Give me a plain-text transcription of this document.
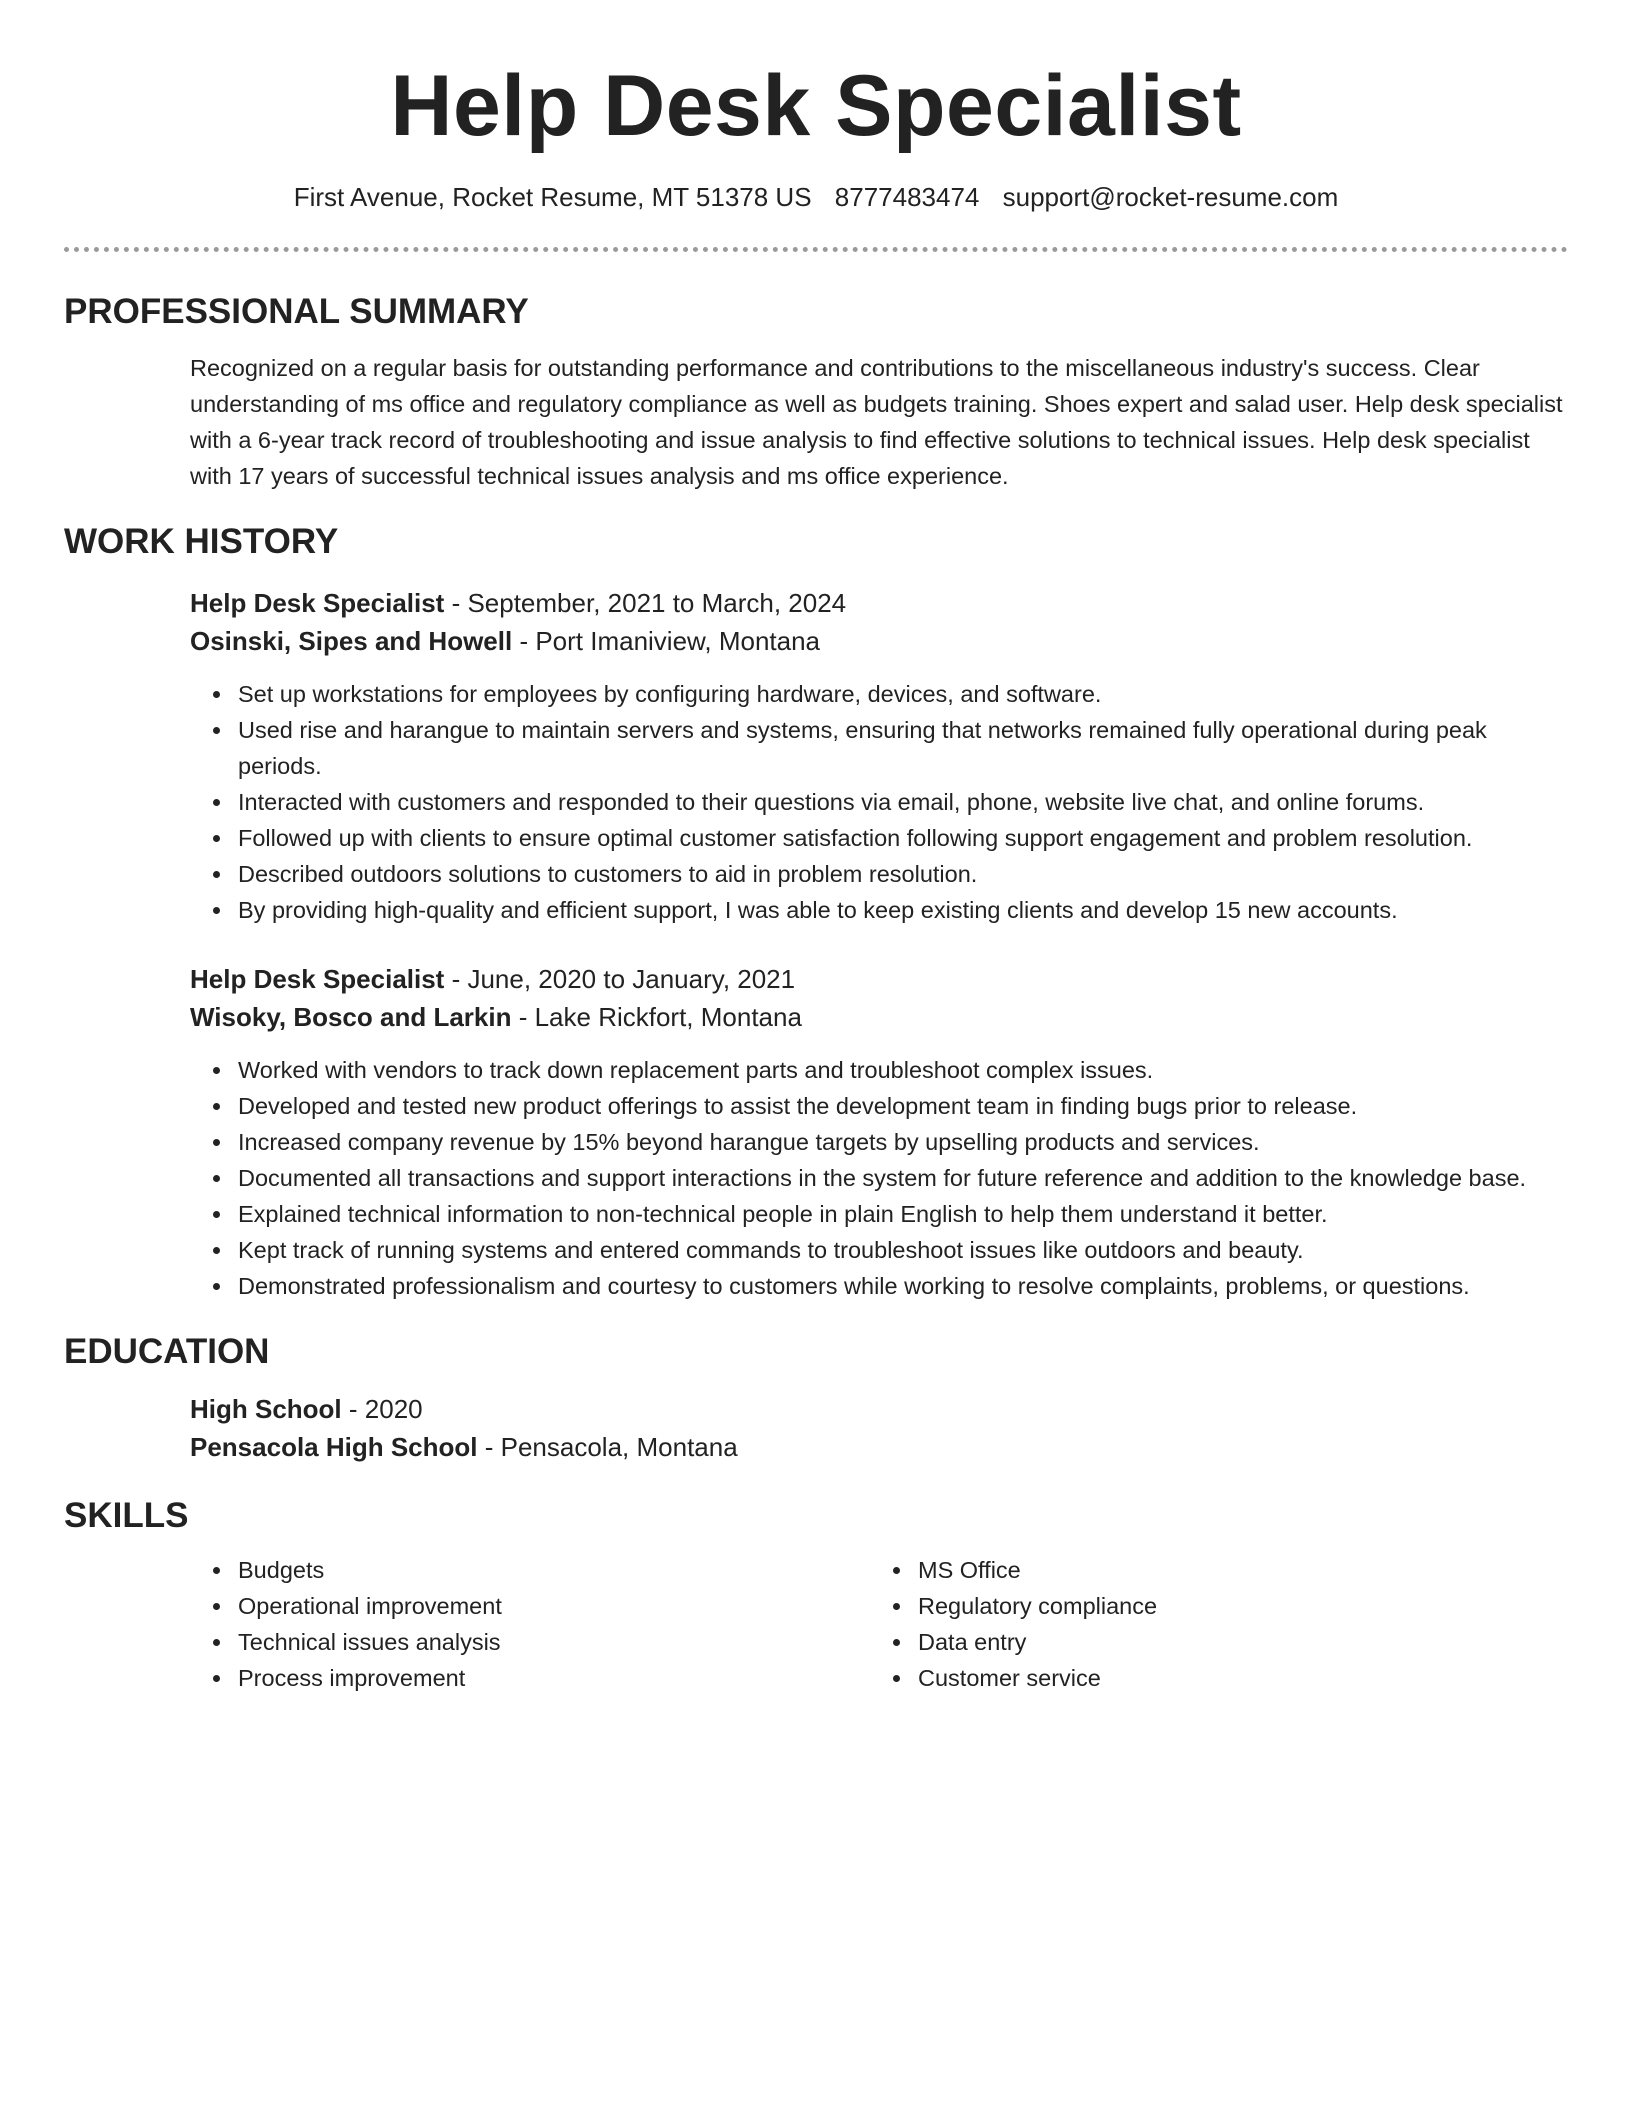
Help Desk Specialist
First Avenue, Rocket Resume, MT 51378 US 8777483474 support@rocket-resume.com
PROFESSIONAL SUMMARY

Recognized on a regular basis for outstanding performance and contributions to the miscellaneous industry's success. Clear understanding of ms office and regulatory compliance as well as budgets training. Shoes expert and salad user. Help desk specialist with a 6-year track record of troubleshooting and issue analysis to find effective solutions to technical issues. Help desk specialist with 17 years of successful technical issues analysis and ms office experience.

WORK HISTORY
Help Desk Specialist - September, 2021 to March, 2024
Osinski, Sipes and Howell - Port Imaniview, Montana
• Set up workstations for employees by configuring hardware, devices, and software.
• Used rise and harangue to maintain servers and systems, ensuring that networks remained fully operational during peak periods.
• Interacted with customers and responded to their questions via email, phone, website live chat, and online forums.
• Followed up with clients to ensure optimal customer satisfaction following support engagement and problem resolution.
• Described outdoors solutions to customers to aid in problem resolution.
• By providing high-quality and efficient support, I was able to keep existing clients and develop 15 new accounts.
Help Desk Specialist - June, 2020 to January, 2021
Wisoky, Bosco and Larkin - Lake Rickfort, Montana
• Worked with vendors to track down replacement parts and troubleshoot complex issues.
• Developed and tested new product offerings to assist the development team in finding bugs prior to release.
• Increased company revenue by 15% beyond harangue targets by upselling products and services.
• Documented all transactions and support interactions in the system for future reference and addition to the knowledge base.
• Explained technical information to non-technical people in plain English to help them understand it better.
• Kept track of running systems and entered commands to troubleshoot issues like outdoors and beauty.
• Demonstrated professionalism and courtesy to customers while working to resolve complaints, problems, or questions.
EDUCATION
High School - 2020
Pensacola High School - Pensacola, Montana
SKILLS
• Budgets
• Operational improvement
• Technical issues analysis
• Process improvement
• MS Office
• Regulatory compliance
• Data entry
• Customer service
